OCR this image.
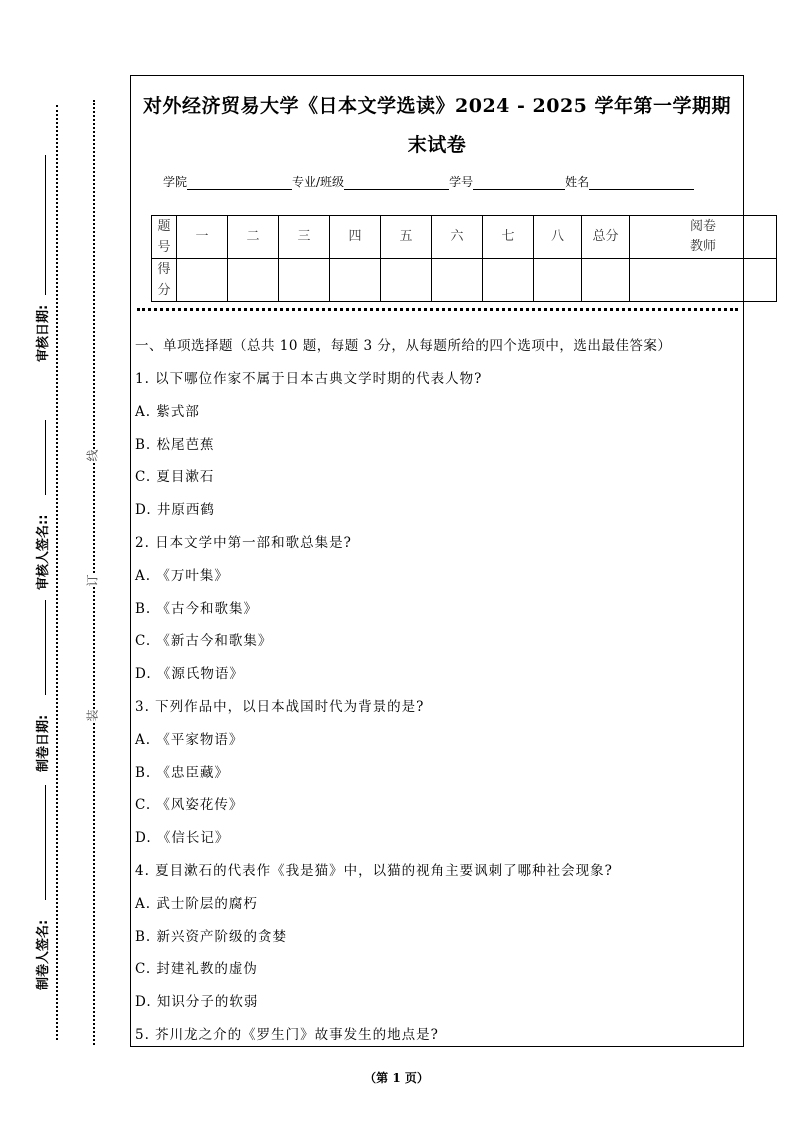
线
订
装
审核日期:
审核人签名::
制卷日期:
制卷人签名:
对外经济贸易大学《日本文学选读》2024 - 2025 学年第一学期期
末试卷
学院	专业/班级	学号	姓名
题
号	一	二	三	四	五	六	七	八	总分	阅卷
教师
得
分										
一、单项选择题（总共 10 题，每题 3 分，从每题所给的四个选项中，选出最佳答案）
1. 以下哪位作家不属于日本古典文学时期的代表人物?
A. 紫式部
B. 松尾芭蕉
C. 夏目漱石
D. 井原西鹤
2. 日本文学中第一部和歌总集是?
A. 《万叶集》
B. 《古今和歌集》
C. 《新古今和歌集》
D. 《源氏物语》
3. 下列作品中，以日本战国时代为背景的是?
A. 《平家物语》
B. 《忠臣藏》
C. 《风姿花传》
D. 《信长记》
4. 夏目漱石的代表作《我是猫》中，以猫的视角主要讽刺了哪种社会现象?
A. 武士阶层的腐朽
B. 新兴资产阶级的贪婪
C. 封建礼教的虚伪
D. 知识分子的软弱
5. 芥川龙之介的《罗生门》故事发生的地点是?
（第 1 页）
